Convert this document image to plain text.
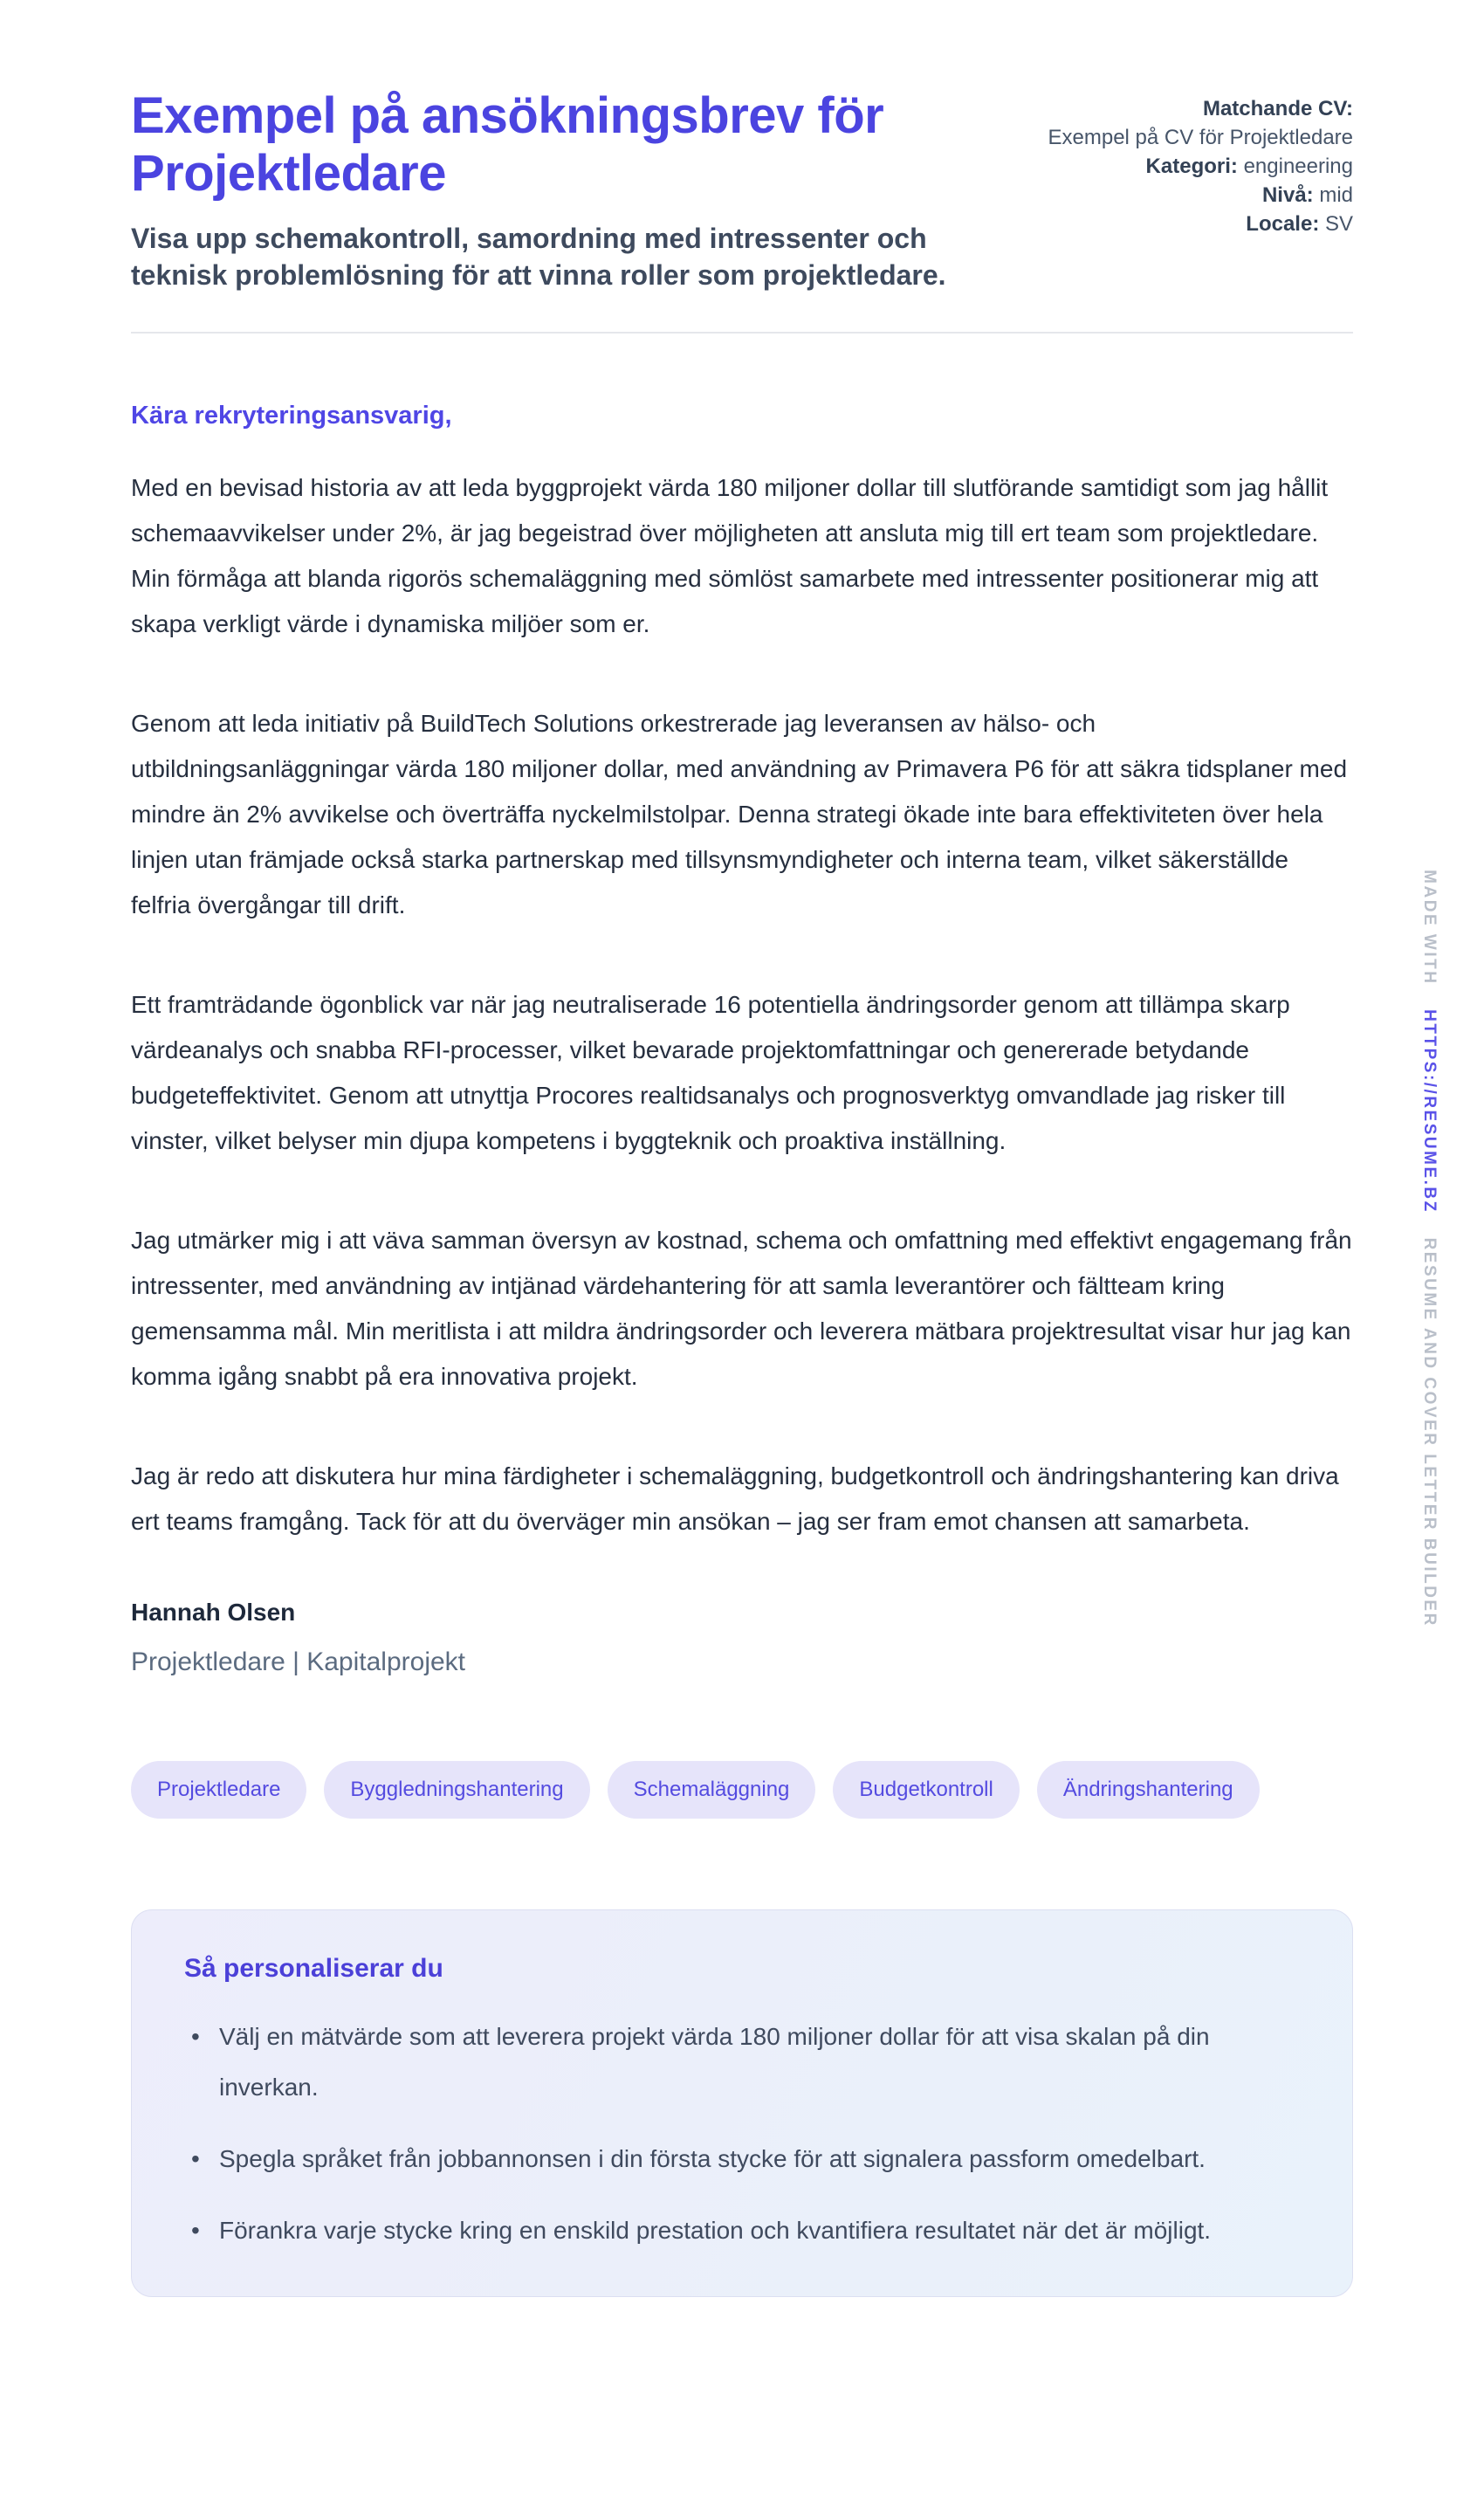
Exempel på ansökningsbrev för Projektledare
Visa upp schemakontroll, samordning med intressenter och teknisk problemlösning för att vinna roller som projektledare.
Matchande CV:
Exempel på CV för Projektledare
Kategori: engineering
Nivå: mid
Locale: SV
Kära rekryteringsansvarig,

Med en bevisad historia av att leda byggprojekt värda 180 miljoner dollar till slutförande samtidigt som jag hållit schemaavvikelser under 2%, är jag begeistrad över möjligheten att ansluta mig till ert team som projektledare. Min förmåga att blanda rigorös schemaläggning med sömlöst samarbete med intressenter positionerar mig att skapa verkligt värde i dynamiska miljöer som er.

Genom att leda initiativ på BuildTech Solutions orkestrerade jag leveransen av hälso- och utbildningsanläggningar värda 180 miljoner dollar, med användning av Primavera P6 för att säkra tidsplaner med mindre än 2% avvikelse och överträffa nyckelmilstolpar. Denna strategi ökade inte bara effektiviteten över hela linjen utan främjade också starka partnerskap med tillsynsmyndigheter och interna team, vilket säkerställde felfria övergångar till drift.

Ett framträdande ögonblick var när jag neutraliserade 16 potentiella ändringsorder genom att tillämpa skarp värdeanalys och snabba RFI-processer, vilket bevarade projektomfattningar och genererade betydande budgeteffektivitet. Genom att utnyttja Procores realtidsanalys och prognosverktyg omvandlade jag risker till vinster, vilket belyser min djupa kompetens i byggteknik och proaktiva inställning.

Jag utmärker mig i att väva samman översyn av kostnad, schema och omfattning med effektivt engagemang från intressenter, med användning av intjänad värdehantering för att samla leverantörer och fältteam kring gemensamma mål. Min meritlista i att mildra ändringsorder och leverera mätbara projektresultat visar hur jag kan komma igång snabbt på era innovativa projekt.

Jag är redo att diskutera hur mina färdigheter i schemaläggning, budgetkontroll och ändringshantering kan driva ert teams framgång. Tack för att du överväger min ansökan – jag ser fram emot chansen att samarbeta.

Hannah Olsen
Projektledare | Kapitalprojekt
Projektledare	Byggledningshantering	Schemaläggning	Budgetkontroll	Ändringshantering
Så personaliserar du
• Välj en mätvärde som att leverera projekt värda 180 miljoner dollar för att visa skalan på din inverkan.
• Spegla språket från jobbannonsen i din första stycke för att signalera passform omedelbart.
• Förankra varje stycke kring en enskild prestation och kvantifiera resultatet när det är möjligt.
MADE WITH HTTPS://RESUME.BZ RESUME AND COVER LETTER BUILDER
